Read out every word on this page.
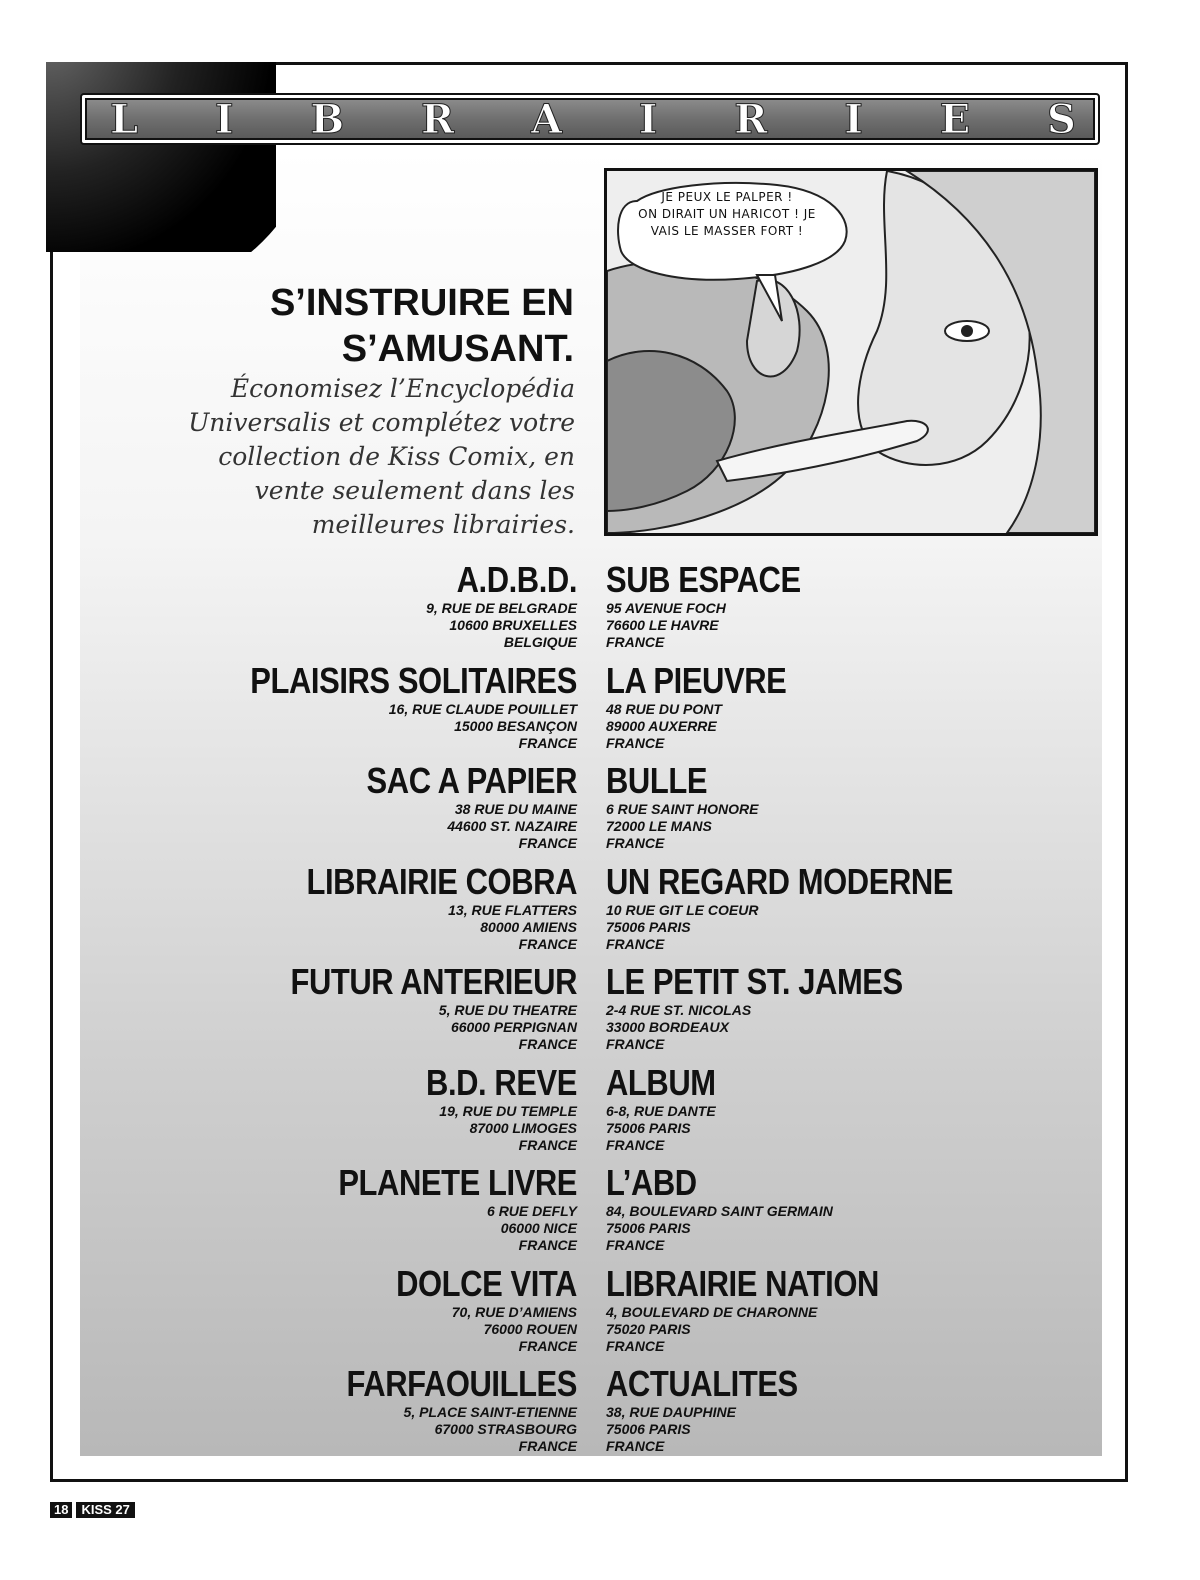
L I B R A I R I E S
S’INSTRUIRE EN
S’AMUSANT.
Économisez l’Encyclopédia
Universalis et complétez votre
collection de Kiss Comix, en
vente seulement dans les
meilleures librairies.
JE PEUX LE PALPER !
ON DIRAIT UN HARICOT ! JE
VAIS LE MASSER FORT !
A.D.B.D.
9, RUE DE BELGRADE
10600 BRUXELLES
BELGIQUE
PLAISIRS SOLITAIRES
16, RUE CLAUDE POUILLET
15000 BESANÇON
FRANCE
SAC A PAPIER
38 RUE DU MAINE
44600 ST. NAZAIRE
FRANCE
LIBRAIRIE COBRA
13, RUE FLATTERS
80000 AMIENS
FRANCE
FUTUR ANTERIEUR
5, RUE DU THEATRE
66000 PERPIGNAN
FRANCE
B.D. REVE
19, RUE DU TEMPLE
87000 LIMOGES
FRANCE
PLANETE LIVRE
6 RUE DEFLY
06000 NICE
FRANCE
DOLCE VITA
70, RUE D’AMIENS
76000 ROUEN
FRANCE
FARFAOUILLES
5, PLACE SAINT-ETIENNE
67000 STRASBOURG
FRANCE
SUB ESPACE
95 AVENUE FOCH
76600 LE HAVRE
FRANCE
LA PIEUVRE
48 RUE DU PONT
89000 AUXERRE
FRANCE
BULLE
6 RUE SAINT HONORE
72000 LE MANS
FRANCE
UN REGARD MODERNE
10 RUE GIT LE COEUR
75006 PARIS
FRANCE
LE PETIT ST. JAMES
2-4 RUE ST. NICOLAS
33000 BORDEAUX
FRANCE
ALBUM
6-8, RUE DANTE
75006 PARIS
FRANCE
L’ABD
84, BOULEVARD SAINT GERMAIN
75006 PARIS
FRANCE
LIBRAIRIE NATION
4, BOULEVARD DE CHARONNE
75020 PARIS
FRANCE
ACTUALITES
38, RUE DAUPHINE
75006 PARIS
FRANCE
18	KISS 27
